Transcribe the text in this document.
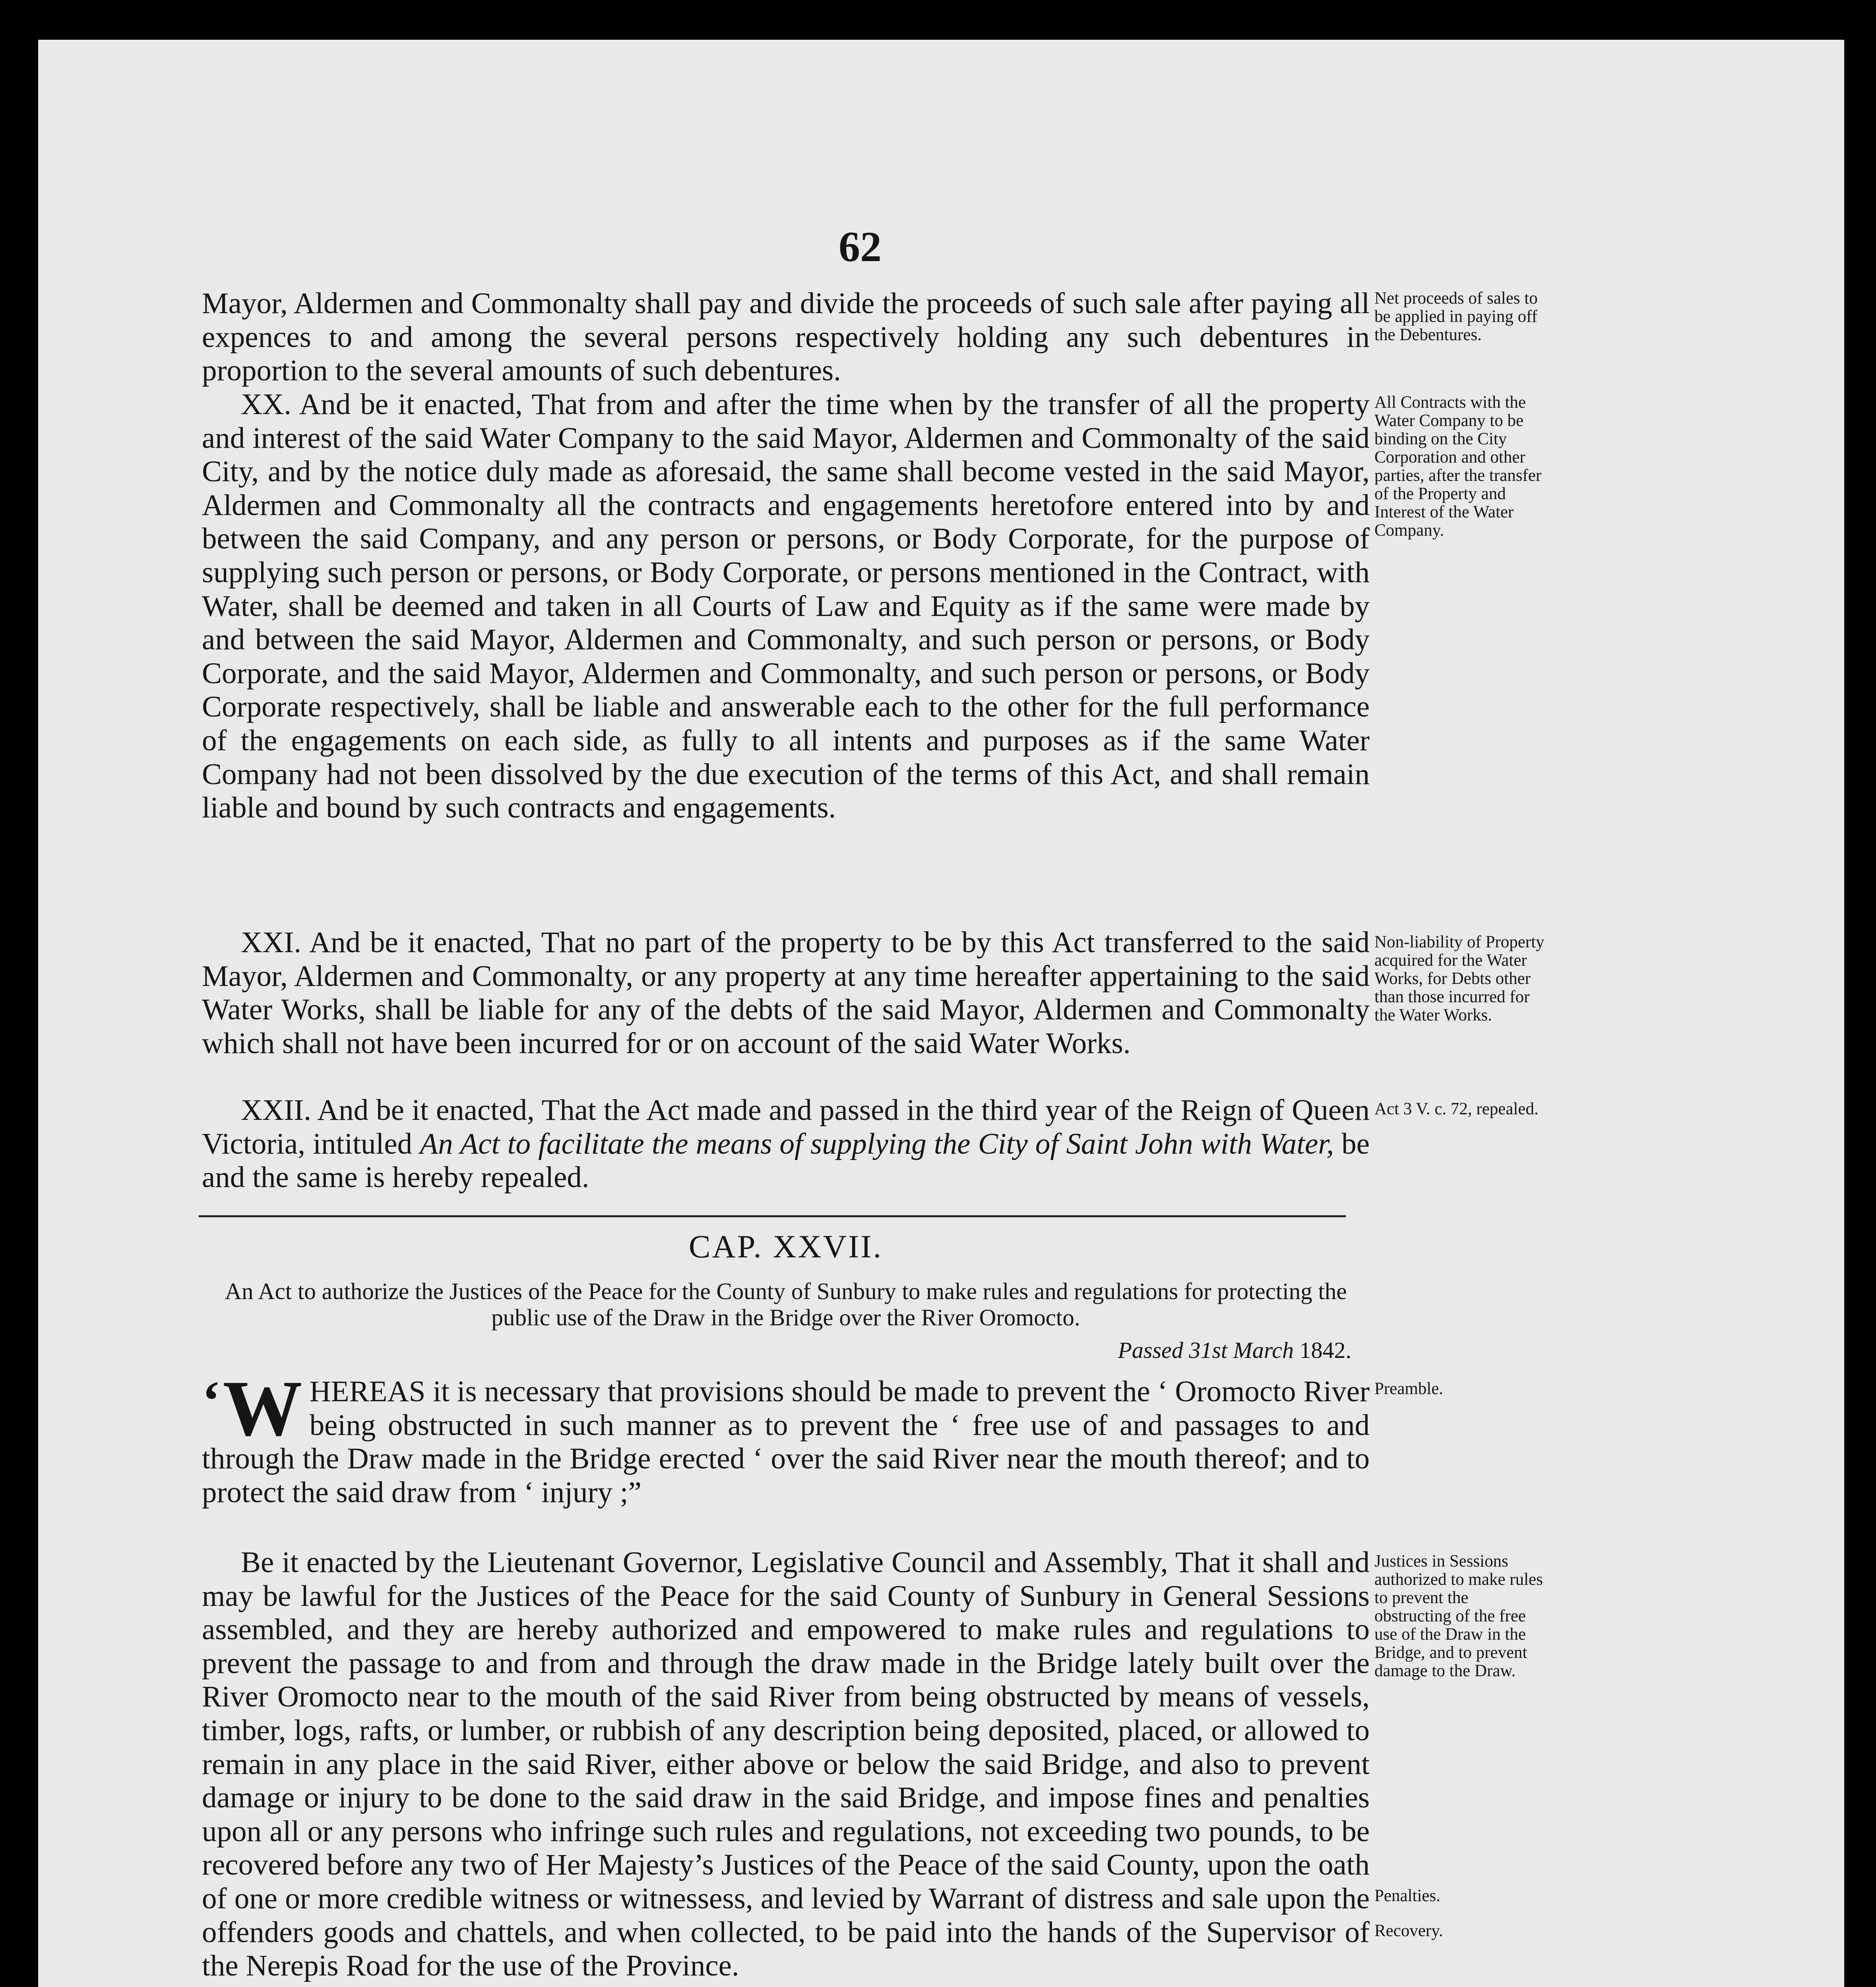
62
Mayor, Aldermen and Commonalty shall pay and divide the proceeds of such sale after paying all expences to and among the several persons respectively holding any such debentures in proportion to the several amounts of such debentures.
Net proceeds of sales to be applied in paying off the Debentures.
XX. And be it enacted, That from and after the time when by the transfer of all the property and interest of the said Water Company to the said Mayor, Aldermen and Commonalty of the said City, and by the notice duly made as aforesaid, the same shall become vested in the said Mayor, Aldermen and Commonalty all the contracts and engagements heretofore entered into by and between the said Company, and any person or persons, or Body Corporate, for the purpose of supplying such person or persons, or Body Corporate, or persons mentioned in the Contract, with Water, shall be deemed and taken in all Courts of Law and Equity as if the same were made by and between the said Mayor, Aldermen and Commonalty, and such person or persons, or Body Corporate, and the said Mayor, Aldermen and Commonalty, and such person or persons, or Body Corporate respectively, shall be liable and answerable each to the other for the full performance of the engagements on each side, as fully to all intents and purposes as if the same Water Company had not been dissolved by the due execution of the terms of this Act, and shall remain liable and bound by such contracts and engagements.
All Contracts with the Water Company to be binding on the City Corporation and other parties, after the transfer of the Property and Interest of the Water Company.
XXI. And be it enacted, That no part of the property to be by this Act transferred to the said Mayor, Aldermen and Commonalty, or any property at any time hereafter appertaining to the said Water Works, shall be liable for any of the debts of the said Mayor, Aldermen and Commonalty which shall not have been incurred for or on account of the said Water Works.
Non-liability of Property acquired for the Water Works, for Debts other than those incurred for the Water Works.
XXII. And be it enacted, That the Act made and passed in the third year of the Reign of Queen Victoria, intituled An Act to facilitate the means of supplying the City of Saint John with Water, be and the same is hereby repealed.
Act 3 V. c. 72, repealed.
CAP. XXVII.
An Act to authorize the Justices of the Peace for the County of Sunbury to make rules and regulations for protecting the public use of the Draw in the Bridge over the River Oromocto.
Passed 31st March 1842.
‘ W HEREAS it is necessary that provisions should be made to prevent the ‘ Oromocto River being obstructed in such manner as to prevent the ‘ free use of and passages to and through the Draw made in the Bridge erected ‘ over the said River near the mouth thereof; and to protect the said draw from ‘ injury ;”
Preamble.
Be it enacted by the Lieutenant Governor, Legislative Council and Assembly, That it shall and may be lawful for the Justices of the Peace for the said County of Sunbury in General Sessions assembled, and they are hereby authorized and empowered to make rules and regulations to prevent the passage to and from and through the draw made in the Bridge lately built over the River Oromocto near to the mouth of the said River from being obstructed by means of vessels, timber, logs, rafts, or lumber, or rubbish of any description being deposited, placed, or allowed to remain in any place in the said River, either above or below the said Bridge, and also to prevent damage or injury to be done to the said draw in the said Bridge, and impose fines and penalties upon all or any persons who infringe such rules and regulations, not exceeding two pounds, to be recovered before any two of Her Majesty’s Justices of the Peace of the said County, upon the oath of one or more credible witness or witnessess, and levied by Warrant of distress and sale upon the offenders goods and chattels, and when collected, to be paid into the hands of the Supervisor of the Nerepis Road for the use of the Province.
Justices in Sessions authorized to make rules to prevent the obstructing of the free use of the Draw in the Bridge, and to prevent damage to the Draw.
Penalties.
Recovery.
